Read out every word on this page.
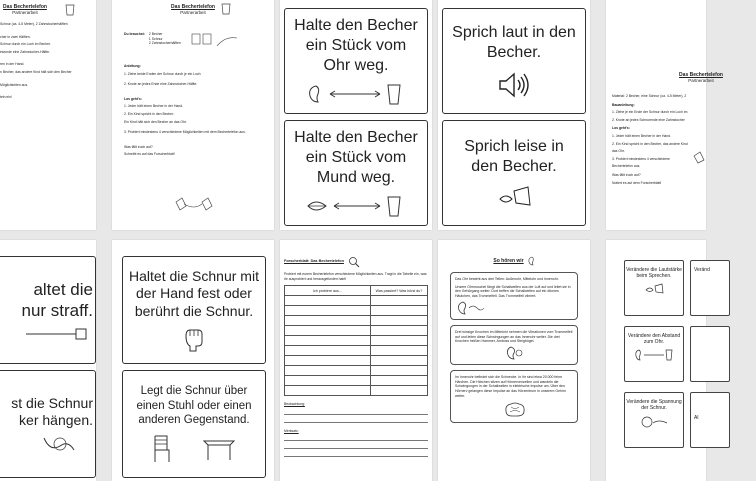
Das Bechertelefon
Partnerarbeit

Schnur (ca. 4-5 Meter), 2 Zahnstocherhälften

cher in zwei Hälften.

Schnur durch ein Loch im Becher.

ewunde eine Zahnstocher-Hälfte.

ren in der Hand.

n Becher, das andere Kind hält sich den Becher

Möglichkeiten aus.

teln ein!

Das Bechertelefon
Partnerarbeit
Du brauchst: 2 Becher
1 Schnur
2 Zahnstocherhälften

Anleitung:

1. Ziehe beide Enden der Schnur durch je ein Loch

2. Knote an jedes Ende eine Zahnstocher-Hälfte.

Los geht's:

1. Jeder hält einen Becher in der Hand.

2. Ein Kind spricht in den Becher.

Ein Kind hält sich den Becher an das Ohr.

3. Probiert mindestens 4 verschiedene Möglichkeiten mit dem Bechertelefon aus.

Was fällt euch auf?

Schreibt es auf das Forscherblatt!

Halte den Becher ein Stück vom Ohr weg.
Halte den Becher ein Stück vom Mund weg.
Sprich laut in den Becher.
Sprich leise in den Becher.
Das Bechertelefon
Partnerarbeit

Material: 2 Becher, eine Schnur (ca. 4-5 Meter), 2

Bauanleitung:

1. Ziehe je ein Ende der Schnur durch ein Loch im

2. Knote an jedes Schnurende eine Zahnstocher

Los geht's:

1. Jeder hält einen Becher in der Hand.

2. Ein Kind spricht in den Becher, das andere Kind

das Ohr.

3. Probiert mindestens 4 verschiedene

Bechertelefon aus.

Was fällt euch auf?

Notiert es auf dem Forscherblatt!

altet die
nur straff.
st die Schnur
ker hängen.
Haltet die Schnur mit der Hand fest oder berührt die Schnur.
Legt die Schnur über einen Stuhl oder einen anderen Gegenstand.
Forscherblatt: Das Bechertelefon
Probiert mit eurem Bechertelefon verschiedene Möglichkeiten aus. Tragt in die Tabelle ein, was ihr ausprobiert und herausgefunden habt!
Ich probiere aus...	Was passiert? Was hörst du?

Beobachtung:
Merksatz:
So hören wir
Das Ohr besteht aus drei Teilen: Außenohr, Mittelohr und Innenohr.
Unsere Ohrmuschel fängt die Schallwellen aus der Luft auf und leitet sie in den Gehörgang weiter. Dort treffen die Schallwellen auf ein dünnes Häutchen, das Trommelfell. Das Trommelfell vibriert.
Drei winzige Knochen im Mittelohr nehmen die Vibrationen vom Trommelfell auf und leiten diese Schwingungen an das Innenohr weiter. Die drei Knochen heißen Hammer, Amboss und Steigbügel.
Im Innenohr befindet sich die Schnecke. In ihr sind etwa 20.000 feine Härchen. Die Härchen sitzen auf Hörnervenzellen und wandeln die Schwingungen in der Schallwellen in elektrische Impulse um. Über den Hörnerv gelangen diese Impulse an das Hörzentrum in unserem Gehirn weiter.
Verändere die Lautstärke beim Sprechen.
Veränd
Verändere den Abstand zum Ohr.
Verändere die Spannung der Schnur.
Al
